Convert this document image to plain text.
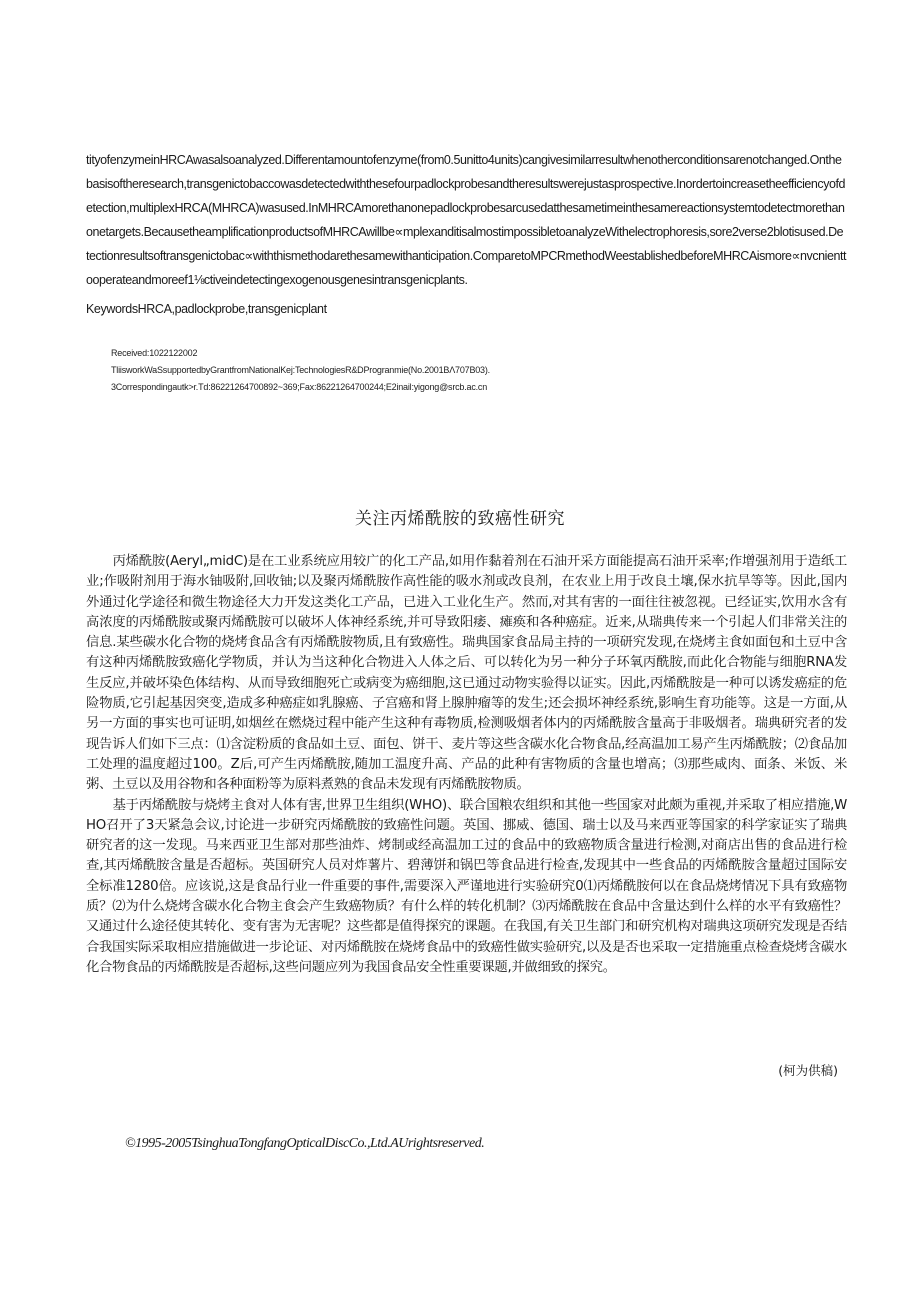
tityofenzymeinHRCAwasalsoanalyzed.Differentamountofenzyme(from0.5unitto4units)cangivesimilarresultwhenotherconditionsarenotchanged.Onthebasisoftheresearch,transgenictobaccowasdetectedwiththesefourpadlockprobesandtheresultswerejustasprospective.Inordertoincreasetheefficiencyofdetection,multiplexHRCA(MHRCA)wasused.InMHRCAmorethanonepadlockprobesarcusedatthesametimeinthesamereactionsystemtodetectmorethanonetargets.BecausetheamplificationproductsofMHRCAwillbe∝mplexanditisalmostimpossibletoanalyzeWithelectrophoresis,sore2verse2blotisused.Detectionresultsoftransgenictobac∝withthismethodarethesamewithanticipation.ComparetoMPCRmethodWeestablishedbeforeMHRCAismore∝nvcnienttooperateandmoreef1⅛ctiveindetectingexogenousgenesintransgenicplants.

KeywordsHRCA,padlockprobe,transgenicplant
Received:1022122002
TliisworkWaSsupportedbyGrantfromNationalKej:TechnologiesR&DProgranmie(No.2001BΛ707B03).
3Correspondingautk>r.Td:86221264700892~369;Fax:86221264700244;E2inail:yigong@srcb.ac.cn
关注丙烯酰胺的致癌性研究

丙烯酰胺(Aeryl„midC)是在工业系统应用较广的化工产品,如用作黏着剂在石油开采方面能提高石油开采率;作增强剂用于造纸工业;作吸附剂用于海水铀吸附,回收铀;以及聚丙烯酰胺作高性能的吸水剂或改良剂，在农业上用于改良土壤,保水抗旱等等。因此,国内外通过化学途径和微生物途径大力开发这类化工产品，已进入工业化生产。然而,对其有害的一面往往被忽视。已经证实,饮用水含有高浓度的丙烯酰胺或聚丙烯酰胺可以破坏人体神经系统,并可导致阳痿、瘫痪和各种癌症。近来,从瑞典传来一个引起人们非常关注的信息.某些碳水化合物的烧烤食品含有丙烯酰胺物质,且有致癌性。瑞典国家食品局主持的一项研究发现,在烧烤主食如面包和土豆中含有这种丙烯酰胺致癌化学物质，并认为当这种化合物进入人体之后、可以转化为另一种分子环氧丙酰胺,而此化合物能与细胞RNA发生反应,并破坏染色体结构、从而导致细胞死亡或病变为癌细胞,这已通过动物实验得以证实。因此,丙烯酰胺是一种可以诱发癌症的危险物质,它引起基因突变,造成多种癌症如乳腺癌、子宫癌和肾上腺肿瘤等的发生;还会损坏神经系统,影响生育功能等。这是一方面,从另一方面的事实也可证明,如烟丝在燃烧过程中能产生这种有毒物质,检测吸烟者体内的丙烯酰胺含量高于非吸烟者。瑞典研究者的发现告诉人们如下三点：⑴含淀粉质的食品如土豆、面包、饼干、麦片等这些含碳水化合物食品,经高温加工易产生丙烯酰胺；⑵食品加工处理的温度超过100。Z后,可产生丙烯酰胺,随加工温度升高、产品的此种有害物质的含量也增高；⑶那些咸肉、面条、米饭、米粥、土豆以及用谷物和各种面粉等为原料煮熟的食品未发现有丙烯酰胺物质。

基于丙烯酰胺与烧烤主食对人体有害,世界卫生组织(WHO)、联合国粮农组织和其他一些国家对此颇为重视,并采取了相应措施,WHO召开了3天紧急会议,讨论进一步研究丙烯酰胺的致癌性问题。英国、挪威、德国、瑞士以及马来西亚等国家的科学家证实了瑞典研究者的这一发现。马来西亚卫生部对那些油炸、烤制或经高温加工过的食品中的致癌物质含量进行检测,对商店出售的食品进行检查,其丙烯酰胺含量是否超标。英国研究人员对炸薯片、碧薄饼和锅巴等食品进行检查,发现其中一些食品的丙烯酰胺含量超过国际安全标准1280倍。应该说,这是食品行业一件重要的事件,需要深入严谨地进行实验研究0⑴丙烯酰胺何以在食品烧烤情况下具有致癌物质？⑵为什么烧烤含碳水化合物主食会产生致癌物质？有什么样的转化机制？⑶丙烯酰胺在食品中含量达到什么样的水平有致癌性？又通过什么途径使其转化、变有害为无害呢？这些都是值得探究的课题。在我国,有关卫生部门和研究机构对瑞典这项研究发现是否结合我国实际采取相应措施做进一步论证、对丙烯酰胺在烧烤食品中的致癌性做实验研究,以及是否也采取一定措施重点检查烧烤含碳水化合物食品的丙烯酰胺是否超标,这些问题应列为我国食品安全性重要课题,并做细致的探究。

(柯为供稿)
©1995-2005TsinghuaTongfangOpticalDiscCo.,Ltd.AUrightsreserved.
